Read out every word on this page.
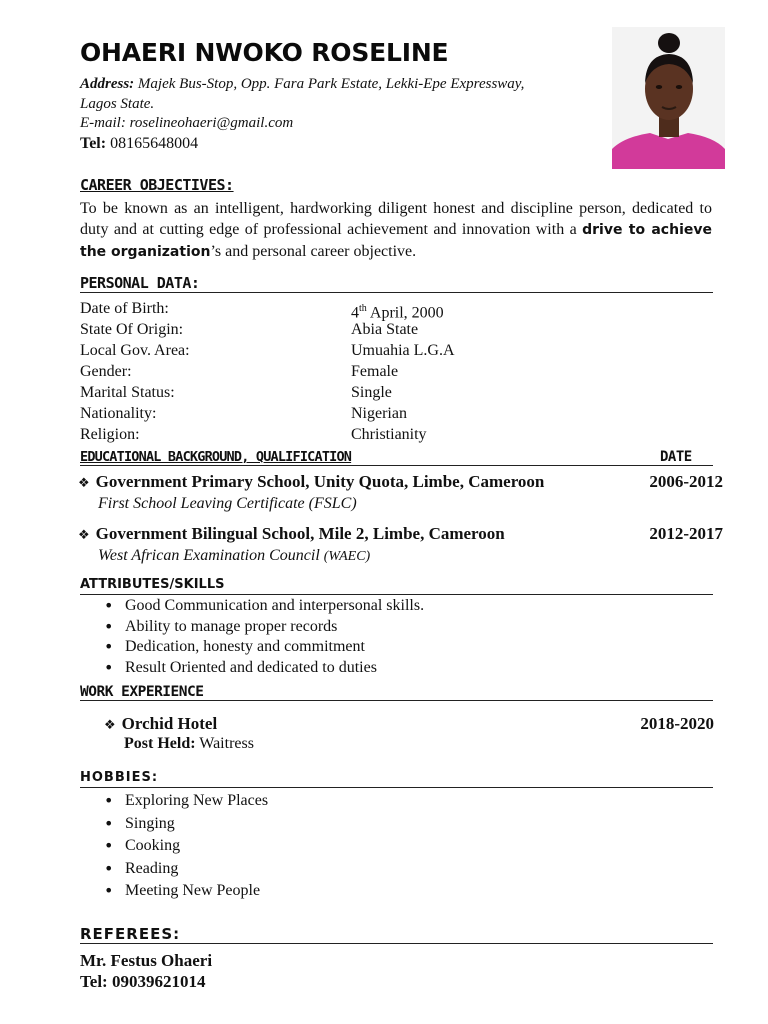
OHAERI NWOKO ROSELINE
Address: Majek Bus-Stop, Opp. Fara Park Estate, Lekki-Epe Expressway,
Lagos State.
E-mail: roselineohaeri@gmail.com
Tel: 08165648004
CAREER OBJECTIVES:
To be known as an intelligent, hardworking diligent honest and discipline person, dedicated to duty and at cutting edge of professional achievement and innovation with a drive to achieve the organization’s and personal career objective.
PERSONAL DATA:
Date of Birth:	4th April, 2000
State Of Origin:	Abia State
Local Gov. Area:	Umuahia L.G.A
Gender:	Female
Marital Status:	Single
Nationality:	Nigerian
Religion:	Christianity
EDUCATIONAL BACKGROUND, QUALIFICATION	DATE
❖ Government Primary School, Unity Quota, Limbe, Cameroon	2006-2012
First School Leaving Certificate (FSLC)
❖ Government Bilingual School, Mile 2, Limbe, Cameroon	2012-2017
West African Examination Council (WAEC)
ATTRIBUTES/SKILLS
• Good Communication and interpersonal skills.
• Ability to manage proper records
• Dedication, honesty and commitment
• Result Oriented and dedicated to duties
WORK EXPERIENCE
❖ Orchid Hotel	2018-2020
Post Held: Waitress
HOBBIES:
• Exploring New Places
• Singing
• Cooking
• Reading
• Meeting New People
REFEREES:
Mr. Festus Ohaeri
Tel: 09039621014
